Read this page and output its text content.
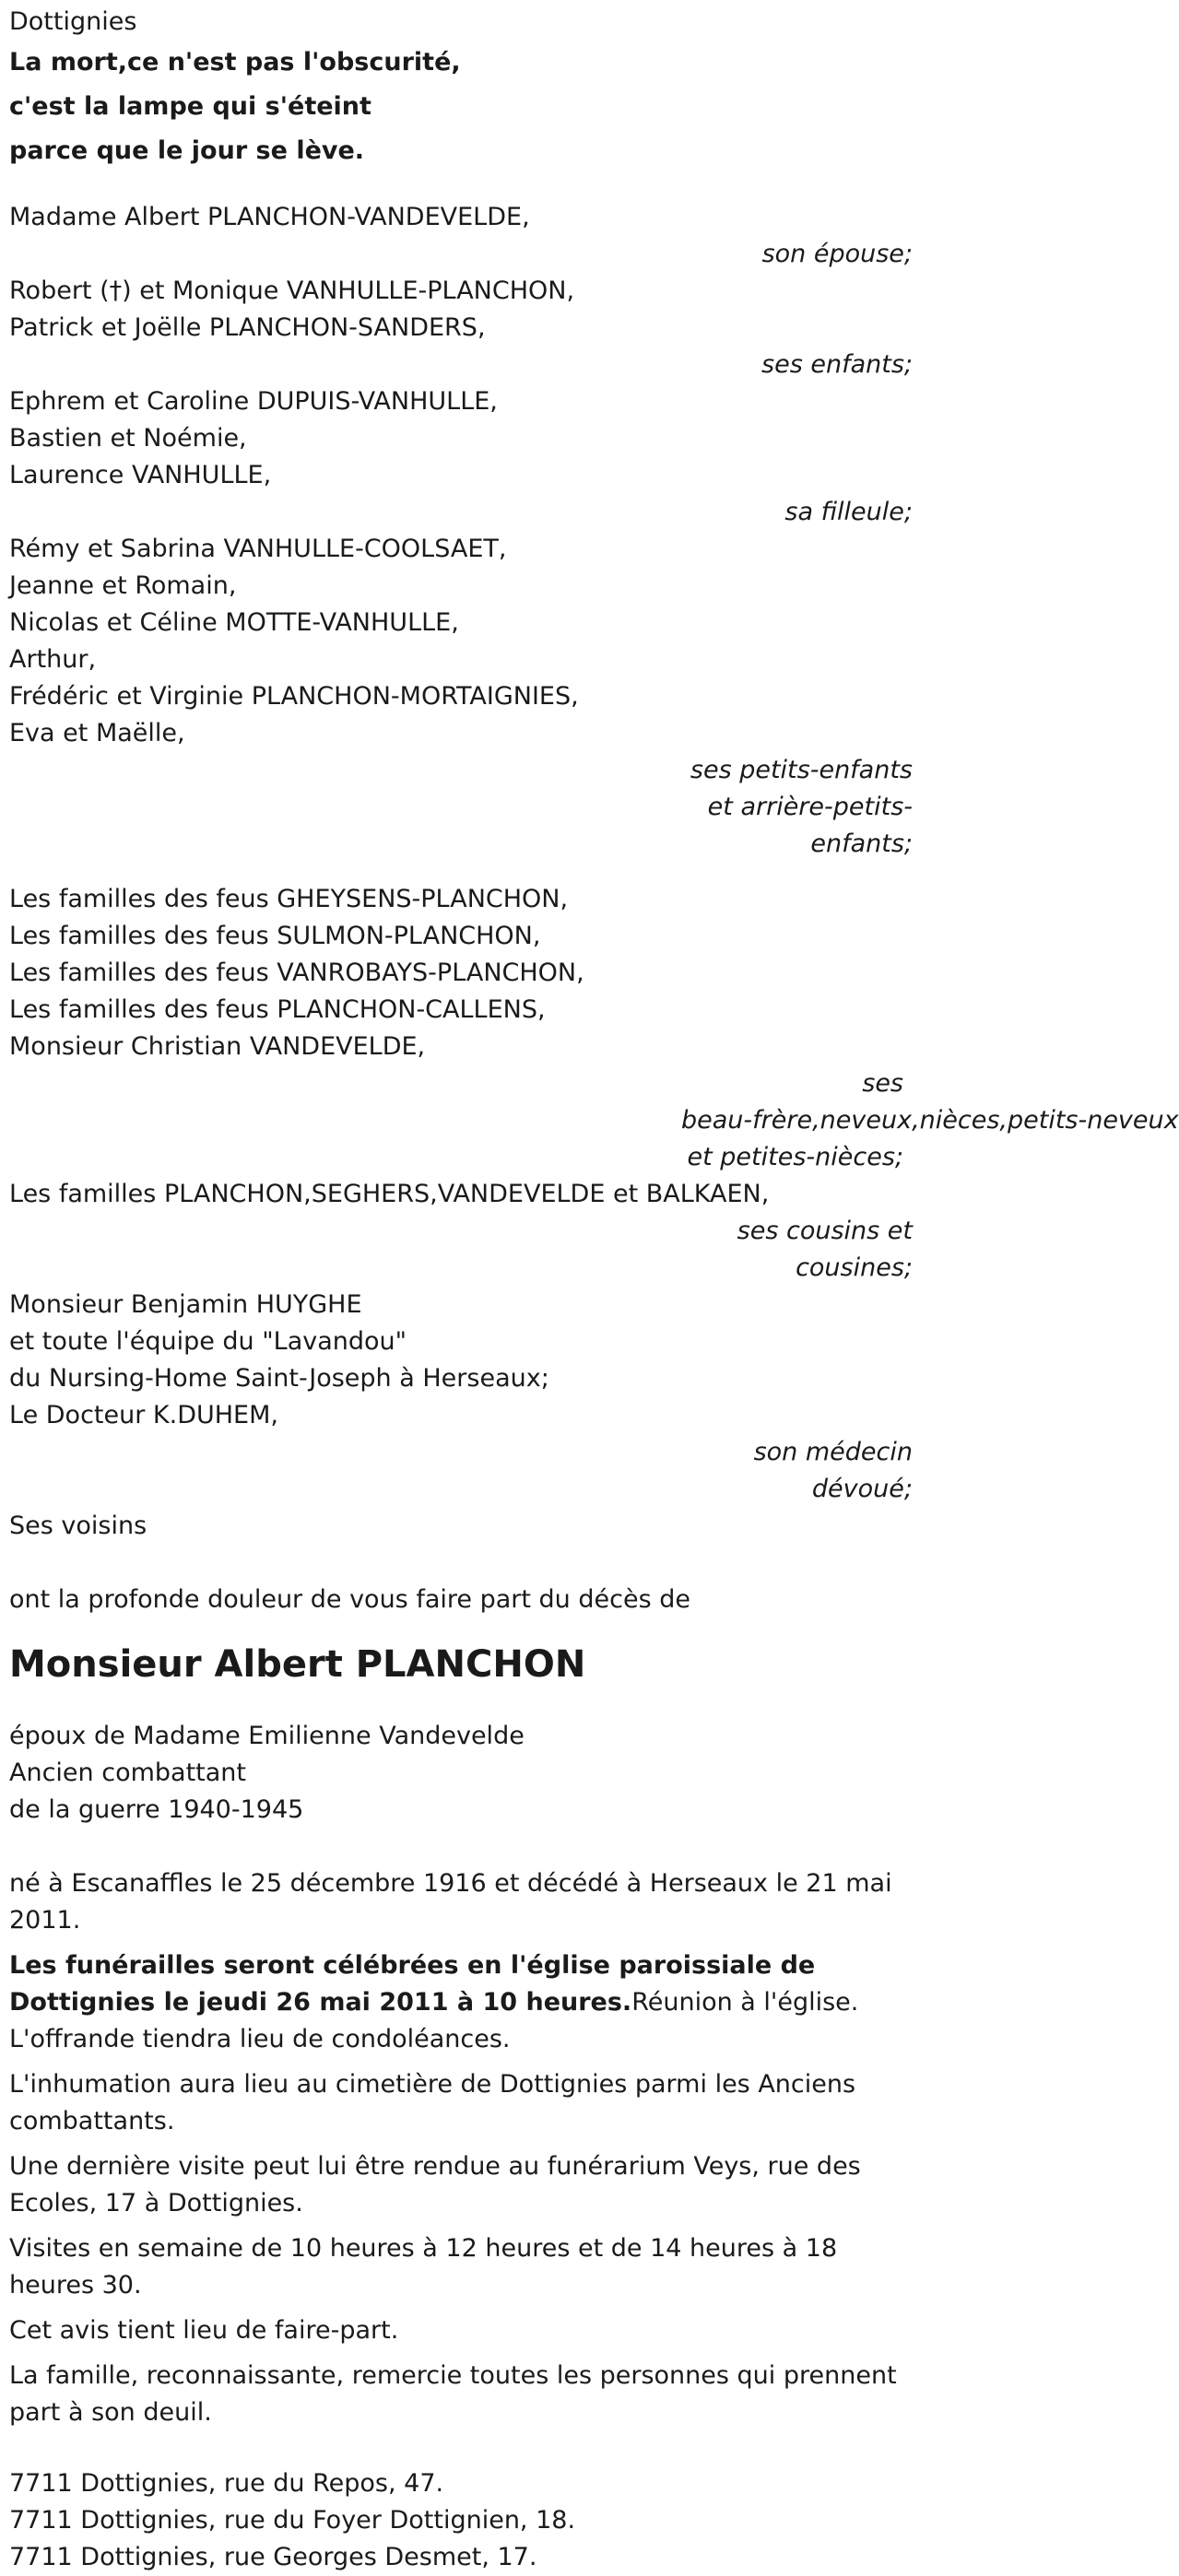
Dottignies
La mort,ce n'est pas l'obscurité,
c'est la lampe qui s'éteint
parce que le jour se lève.
Madame Albert PLANCHON-VANDEVELDE,
son épouse;
Robert (†) et Monique VANHULLE-PLANCHON,
Patrick et Joëlle PLANCHON-SANDERS,
ses enfants;
Ephrem et Caroline DUPUIS-VANHULLE,
Bastien et Noémie,
Laurence VANHULLE,
sa filleule;
Rémy et Sabrina VANHULLE-COOLSAET,
Jeanne et Romain,
Nicolas et Céline MOTTE-VANHULLE,
Arthur,
Frédéric et Virginie PLANCHON-MORTAIGNIES,
Eva et Maëlle,
ses petits-enfants
et arrière-petits-
enfants;
Les familles des feus GHEYSENS-PLANCHON,
Les familles des feus SULMON-PLANCHON,
Les familles des feus VANROBAYS-PLANCHON,
Les familles des feus PLANCHON-CALLENS,
Monsieur Christian VANDEVELDE,
ses
beau-frère,neveux,nièces,petits-neveux
et petites-nièces;
Les familles PLANCHON,SEGHERS,VANDEVELDE et BALKAEN,
ses cousins et
cousines;
Monsieur Benjamin HUYGHE
et toute l'équipe du "Lavandou"
du Nursing-Home Saint-Joseph à Herseaux;
Le Docteur K.DUHEM,
son médecin
dévoué;
Ses voisins
ont la profonde douleur de vous faire part du décès de
Monsieur Albert PLANCHON
époux de Madame Emilienne Vandevelde
Ancien combattant
de la guerre 1940-1945
né à Escanaffles le 25 décembre 1916 et décédé à Herseaux le 21 mai 2011.
Les funérailles seront célébrées en l'église paroissiale de Dottignies le jeudi 26 mai 2011 à 10 heures.Réunion à l'église. L'offrande tiendra lieu de condoléances.
L'inhumation aura lieu au cimetière de Dottignies parmi les Anciens combattants.
Une dernière visite peut lui être rendue au funérarium Veys, rue des Ecoles, 17 à Dottignies.
Visites en semaine de 10 heures à 12 heures et de 14 heures à 18 heures 30.
Cet avis tient lieu de faire-part.
La famille, reconnaissante, remercie toutes les personnes qui prennent part à son deuil.
7711 Dottignies, rue du Repos, 47.
7711 Dottignies, rue du Foyer Dottignien, 18.
7711 Dottignies, rue Georges Desmet, 17.
